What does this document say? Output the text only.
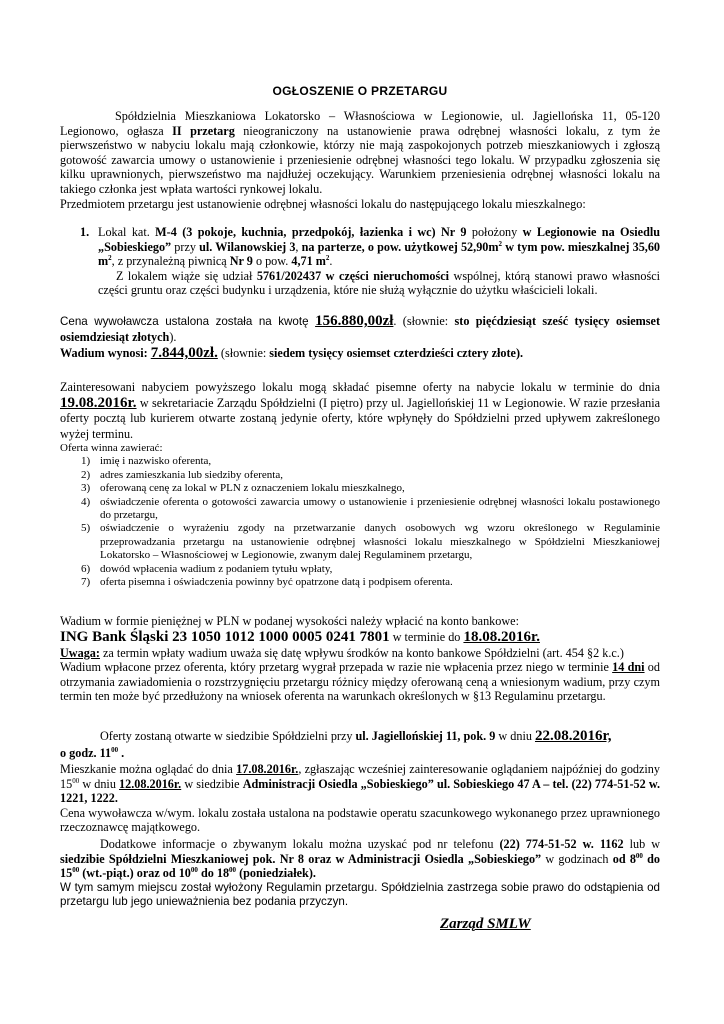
OGŁOSZENIE O PRZETARGU

Spółdzielnia Mieszkaniowa Lokatorsko – Własnościowa w Legionowie, ul. Jagiellońska 11, 05-120 Legionowo, ogłasza II przetarg nieograniczony na ustanowienie prawa odrębnej własności lokalu, z tym że pierwszeństwo w nabyciu lokalu mają członkowie, którzy nie mają zaspokojonych potrzeb mieszkaniowych i zgłoszą gotowość zawarcia umowy o ustanowienie i przeniesienie odrębnej własności tego lokalu. W przypadku zgłoszenia się kilku uprawnionych, pierwszeństwo ma najdłużej oczekujący. Warunkiem przeniesienia odrębnej własności lokalu na takiego członka jest wpłata wartości rynkowej lokalu.

Przedmiotem przetargu jest ustanowienie odrębnej własności lokalu do następującego lokalu mieszkalnego:

1. Lokal kat. M-4 (3 pokoje, kuchnia, przedpokój, łazienka i wc) Nr 9 położony w Legionowie na Osiedlu „Sobieskiego” przy ul. Wilanowskiej 3, na parterze, o pow. użytkowej $52,90m^2$ w tym pow. mieszkalnej 35,60 $m^2$, z przynależną piwnicą Nr 9 o pow. 4,71 $m^2$.

Z lokalem wiąże się udział 5761/202437 w części nieruchomości wspólnej, którą stanowi prawo własności części gruntu oraz części budynku i urządzenia, które nie służą wyłącznie do użytku właścicieli lokali.

Cena wywoławcza ustalona została na kwotę 156.880,00zł. (słownie: sto pięćdziesiąt sześć tysięcy osiemset osiemdziesiąt złotych).

Wadium wynosi: 7.844,00zł. (słownie: siedem tysięcy osiemset czterdzieści cztery złote).

Zainteresowani nabyciem powyższego lokalu mogą składać pisemne oferty na nabycie lokalu w terminie do dnia 19.08.2016r. w sekretariacie Zarządu Spółdzielni (I piętro) przy ul. Jagiellońskiej 11 w Legionowie. W razie przesłania oferty pocztą lub kurierem otwarte zostaną jedynie oferty, które wpłynęły do Spółdzielni przed upływem zakreślonego wyżej terminu.

Oferta winna zawierać:

1) imię i nazwisko oferenta,
2) adres zamieszkania lub siedziby oferenta,
3) oferowaną cenę za lokal w PLN z oznaczeniem lokalu mieszkalnego,
4) oświadczenie oferenta o gotowości zawarcia umowy o ustanowienie i przeniesienie odrębnej własności lokalu postawionego do przetargu,
5) oświadczenie o wyrażeniu zgody na przetwarzanie danych osobowych wg wzoru określonego w Regulaminie przeprowadzania przetargu na ustanowienie odrębnej własności lokalu mieszkalnego w Spółdzielni Mieszkaniowej Lokatorsko – Własnościowej w Legionowie, zwanym dalej Regulaminem przetargu,
6) dowód wpłacenia wadium z podaniem tytułu wpłaty,
7) oferta pisemna i oświadczenia powinny być opatrzone datą i podpisem oferenta.

Wadium w formie pieniężnej w PLN w podanej wysokości należy wpłacić na konto bankowe:

ING Bank Śląski 23 1050 1012 1000 0005 0241 7801 w terminie do 18.08.2016r.

Uwaga: za termin wpłaty wadium uważa się datę wpływu środków na konto bankowe Spółdzielni (art. 454 §2 k.c.)

Wadium wpłacone przez oferenta, który przetarg wygrał przepada w razie nie wpłacenia przez niego w terminie 14 dni od otrzymania zawiadomienia o rozstrzygnięciu przetargu różnicy między oferowaną ceną a wniesionym wadium, przy czym termin ten może być przedłużony na wniosek oferenta na warunkach określonych w §13 Regulaminu przetargu.

Oferty zostaną otwarte w siedzibie Spółdzielni przy ul. Jagiellońskiej 11, pok. 9 w dniu 22.08.2016r,
o godz. $11^{00}$ .

Mieszkanie można oglądać do dnia 17.08.2016r., zgłaszając wcześniej zainteresowanie oglądaniem najpóźniej do godziny $15^{00}$ w dniu 12.08.2016r. w siedzibie Administracji Osiedla „Sobieskiego” ul. Sobieskiego 47 A – tel. (22) 774-51-52 w. 1221, 1222.

Cena wywoławcza w/wym. lokalu została ustalona na podstawie operatu szacunkowego wykonanego przez uprawnionego rzeczoznawcę majątkowego.

Dodatkowe informacje o zbywanym lokalu można uzyskać pod nr telefonu (22) 774-51-52 w. 1162 lub w siedzibie Spółdzielni Mieszkaniowej pok. Nr 8 oraz w Administracji Osiedla „Sobieskiego” w godzinach od $8^{00}$ do $15^{00}$ (wt.-piąt.) oraz od $10^{00}$ do $18^{00}$ (poniedziałek).

W tym samym miejscu został wyłożony Regulamin przetargu. Spółdzielnia zastrzega sobie prawo do odstąpienia od przetargu lub jego unieważnienia bez podania przyczyn.

Zarząd SMLW
